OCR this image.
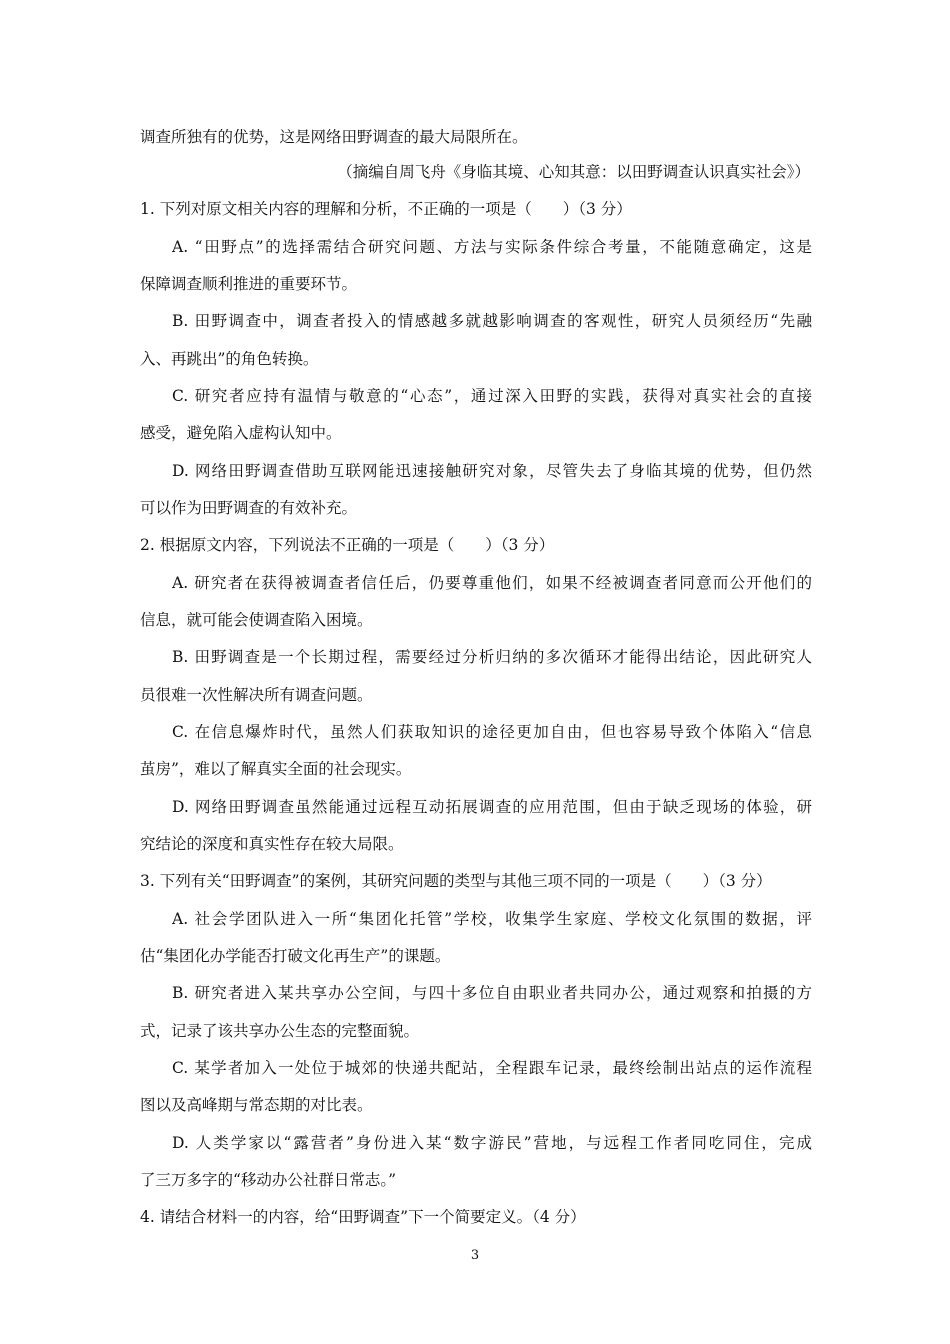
调查所独有的优势，这是网络田野调查的最大局限所在。
（摘编自周飞舟《身临其境、心知其意：以田野调查认识真实社会》）
1. 下列对原文相关内容的理解和分析，不正确的一项是（　　）（3 分）
A. “田野点”的选择需结合研究问题、方法与实际条件综合考量，不能随意确定，这是
保障调查顺利推进的重要环节。
B. 田野调查中，调查者投入的情感越多就越影响调查的客观性，研究人员须经历“先融
入、再跳出”的角色转换。
C. 研究者应持有温情与敬意的“心态”，通过深入田野的实践，获得对真实社会的直接
感受，避免陷入虚构认知中。
D. 网络田野调查借助互联网能迅速接触研究对象，尽管失去了身临其境的优势，但仍然
可以作为田野调查的有效补充。
2. 根据原文内容，下列说法不正确的一项是（　　）（3 分）
A. 研究者在获得被调查者信任后，仍要尊重他们，如果不经被调查者同意而公开他们的
信息，就可能会使调查陷入困境。
B. 田野调查是一个长期过程，需要经过分析归纳的多次循环才能得出结论，因此研究人
员很难一次性解决所有调查问题。
C. 在信息爆炸时代，虽然人们获取知识的途径更加自由，但也容易导致个体陷入“信息
茧房”，难以了解真实全面的社会现实。
D. 网络田野调查虽然能通过远程互动拓展调查的应用范围，但由于缺乏现场的体验，研
究结论的深度和真实性存在较大局限。
3. 下列有关“田野调查”的案例，其研究问题的类型与其他三项不同的一项是（　　）（3 分）
A. 社会学团队进入一所“集团化托管”学校，收集学生家庭、学校文化氛围的数据，评
估“集团化办学能否打破文化再生产”的课题。
B. 研究者进入某共享办公空间，与四十多位自由职业者共同办公，通过观察和拍摄的方
式，记录了该共享办公生态的完整面貌。
C. 某学者加入一处位于城郊的快递共配站，全程跟车记录，最终绘制出站点的运作流程
图以及高峰期与常态期的对比表。
D. 人类学家以“露营者”身份进入某“数字游民”营地，与远程工作者同吃同住，完成
了三万多字的“移动办公社群日常志。”
4. 请结合材料一的内容，给“田野调查”下一个简要定义。（4 分）
3
